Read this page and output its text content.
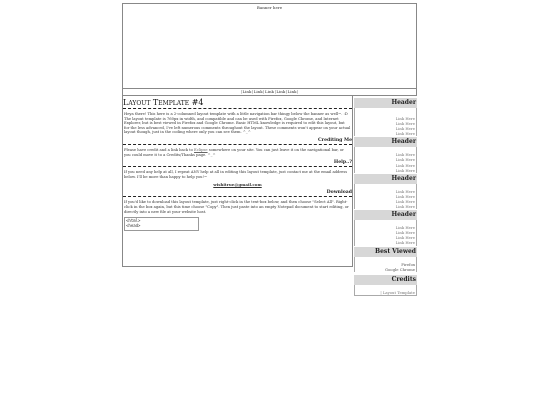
Banner here
|Link|Link|Link|Link|Link|
Layout Template #4

Heya there! This here is a 2-columned layout template with a little navigation bar thingy below the banner as well~. :D The layout template is 760px in width, and compatible and can be used with Firefox, Google Chrome, and Internet Explorer, but is best viewed in Firefox and Google Chrome. Basic HTML knowledge is required to edit this layout, but for the less advanced, I've left numerous comments throughout the layout. These comments won't appear on your actual layout though, just in the coding where only you can see them. ^_^

Crediting Me

Please have credit and a link back to Eclipse somewhere on your site. You can just leave it on the navigational bar, or you could move it to a Credits/Thanks page. ^_^

Help..?

If you need any help at all, I repeat ANY help at all in editing this layout template, just contact me at the email address below. I'll be more than happy to help you!~

wishitrue@gmail.com
Download

If you'd like to download this layout template, just right-click in the text-box below, and then choose "Select All". Right-click in the box again, but this time choose "Copy". Then just paste into an empty Notepad document to start editing, or directly into a new file at your website host.

<html> <head>
Header
Link Here
Link Here
Link Here
Link Here
Header
Link Here
Link Here
Link Here
Link Here
Header
Link Here
Link Here
Link Here
Link Here
Header
Link Here
Link Here
Link Here
Link Here
Best Viewed
Firefox
Google Chrome
Credits
| Layout Template
